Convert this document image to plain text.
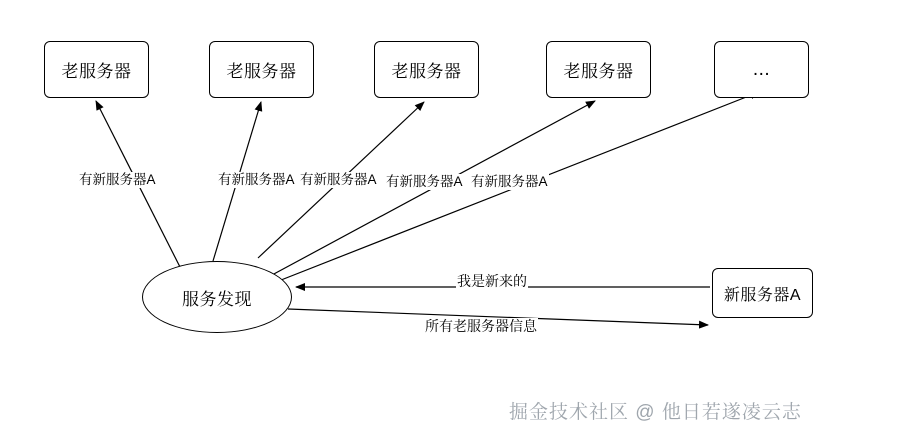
老服务器	老服务器	老服务器	老服务器	...
服务发现	新服务器A
有新服务器A	有新服务器A 有新服务器A 有新服务器A 有新服务器A
我是新来的
所有老服务器信息
掘金技术社区 @ 他日若遂凌云志
